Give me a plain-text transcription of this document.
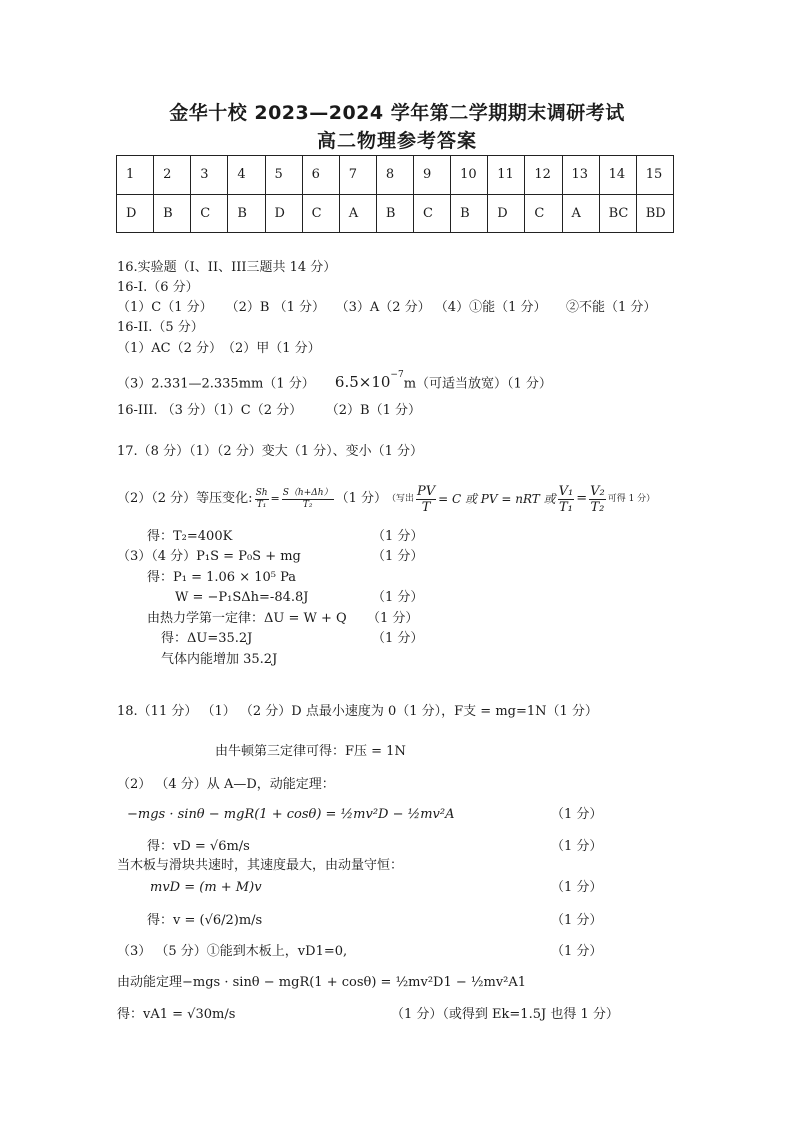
金华十校 2023—2024 学年第二学期期末调研考试
高二物理参考答案
1	2	3	4	5	6	7	8	9	10	11	12	13	14	15
D	B	C	B	D	C	A	B	C	B	D	C	A	BC	BD
16.实验题（I、II、III三题共 14 分）
16-I.（6 分）
（1）C（1 分）　　（2）B （1 分）　 （3）A（2 分） （4）①能（1 分）　　②不能（1 分）
16-II.（5 分）
（1）AC（2 分）　（2）甲（1 分）
（3）2.331—2.335mm（1 分） $6.5\times 10^{-7}m$（可适当放宽）（1 分）
16-III. （3 分）（1）C（2 分）　　 （2）B（1 分）
17.（8 分）（1）（2 分）变大（1 分）、变小（1 分）
（2）（2 分）等压变化: $\frac{Sh}{\text{T₁}} = \frac{S(h+\Delta h)}{\text{T₂}} (1$ 分） （写出 $\frac{PV}{T} = C$ 或 PV = nRT 或 $\frac{\text{V₁}}{\text{T₁}} = \frac{\text{V₂}}{\text{T₂}}$ 可得 1 分）
得：T₂=400K	（1 分）
（3）（4 分）P₁S = P₀S + mg	（1 分）
得：P₁ = 1.06 × 10⁵ Pa
W = −P₁SΔh=-84.8J	（1 分）
由热力学第一定律：ΔU = W + Q （1 分）
得：ΔU=35.2J	（1 分）
气体内能增加 35.2J
18.（11 分） （1） （2 分）D 点最小速度为 0（1 分），F支 = mg=1N（1 分）
由牛顿第三定律可得：F压 = 1N
（2） （4 分）从 A—D，动能定理：
−mgs · sinθ − mgR(1 + cosθ) = ½mv²D − ½mv²A	（1 分）
得：vD = √6m/s	（1 分）
当木板与滑块共速时，其速度最大，由动量守恒：
mvD = (m + M)v	（1 分）
得：v = (√6/2)m/s	（1 分）
（3） （5 分）①能到木板上，vD1=0,	（1 分）
由动能定理−mgs · sinθ − mgR(1 + cosθ) = ½mv²D1 − ½mv²A1
得：vA1 = √30m/s	（1 分）（或得到 Ek=1.5J 也得 1 分）
